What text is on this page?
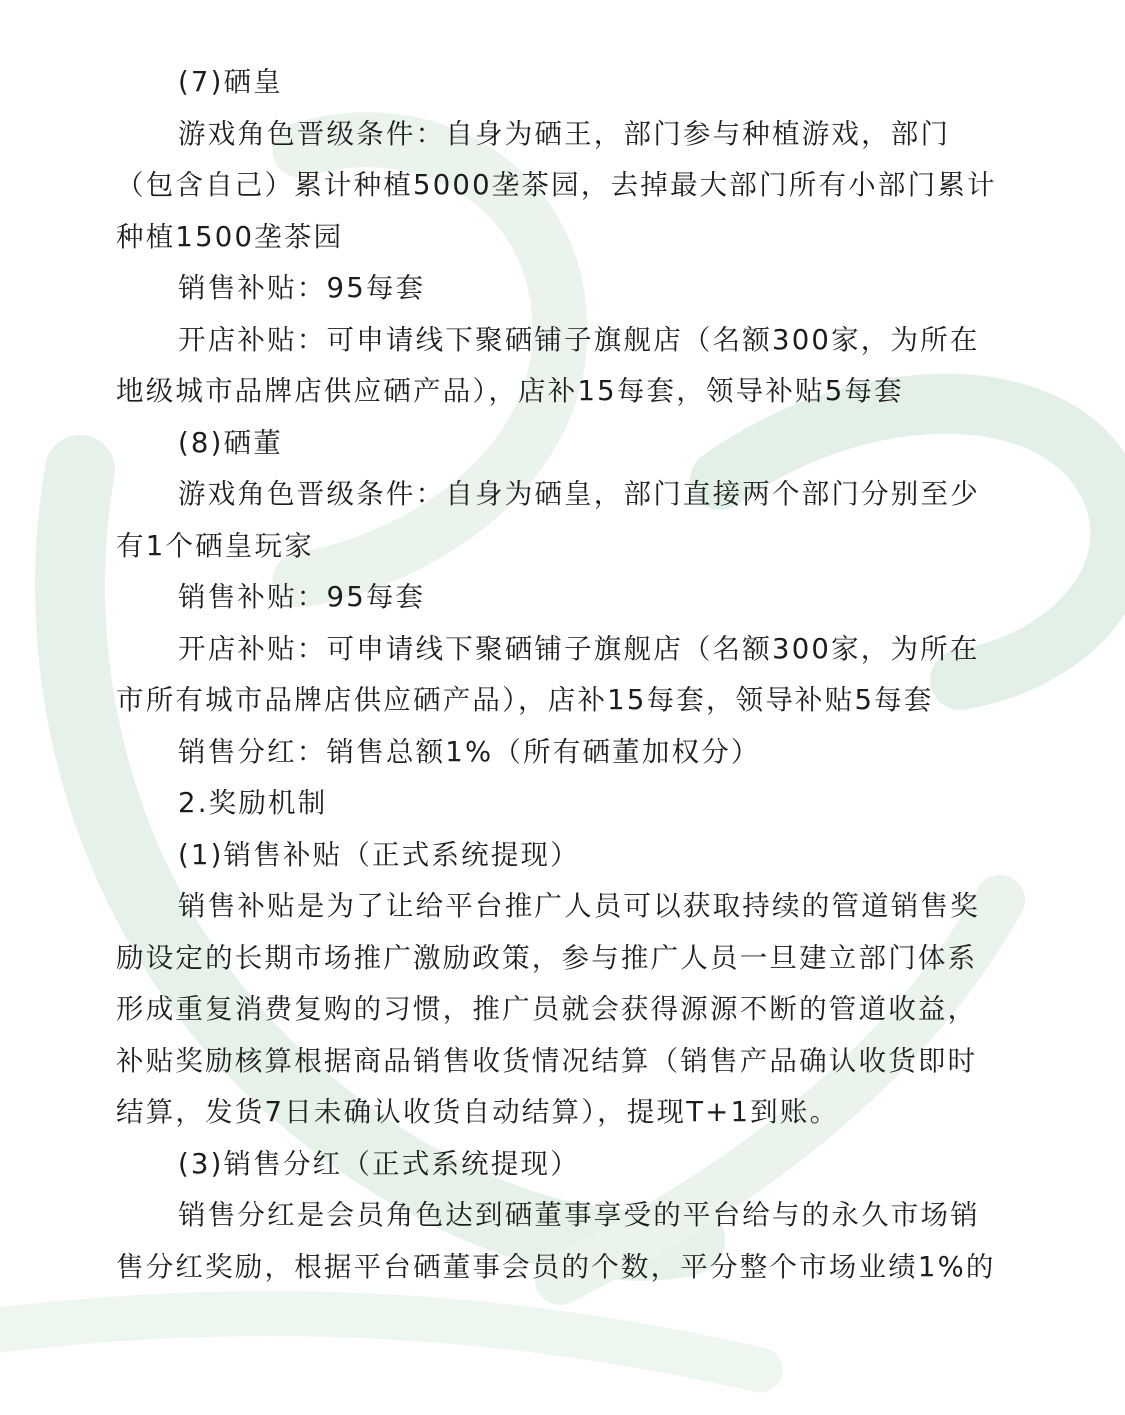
(7)硒皇
游戏角色晋级条件：自身为硒王，部门参与种植游戏，部门
（包含自己）累计种植5000垄茶园，去掉最大部门所有小部门累计
种植1500垄茶园
销售补贴：95每套
开店补贴：可申请线下聚硒铺子旗舰店（名额300家，为所在
地级城市品牌店供应硒产品），店补15每套，领导补贴5每套
(8)硒董
游戏角色晋级条件：自身为硒皇，部门直接两个部门分别至少
有1个硒皇玩家
销售补贴：95每套
开店补贴：可申请线下聚硒铺子旗舰店（名额300家，为所在
市所有城市品牌店供应硒产品），店补15每套，领导补贴5每套
销售分红：销售总额1%（所有硒董加权分）
2.奖励机制
(1)销售补贴（正式系统提现）
销售补贴是为了让给平台推广人员可以获取持续的管道销售奖
励设定的长期市场推广激励政策，参与推广人员一旦建立部门体系
形成重复消费复购的习惯，推广员就会获得源源不断的管道收益，
补贴奖励核算根据商品销售收货情况结算（销售产品确认收货即时
结算，发货7日未确认收货自动结算），提现T+1到账。
(3)销售分红（正式系统提现）
销售分红是会员角色达到硒董事享受的平台给与的永久市场销
售分红奖励，根据平台硒董事会员的个数，平分整个市场业绩1%的
